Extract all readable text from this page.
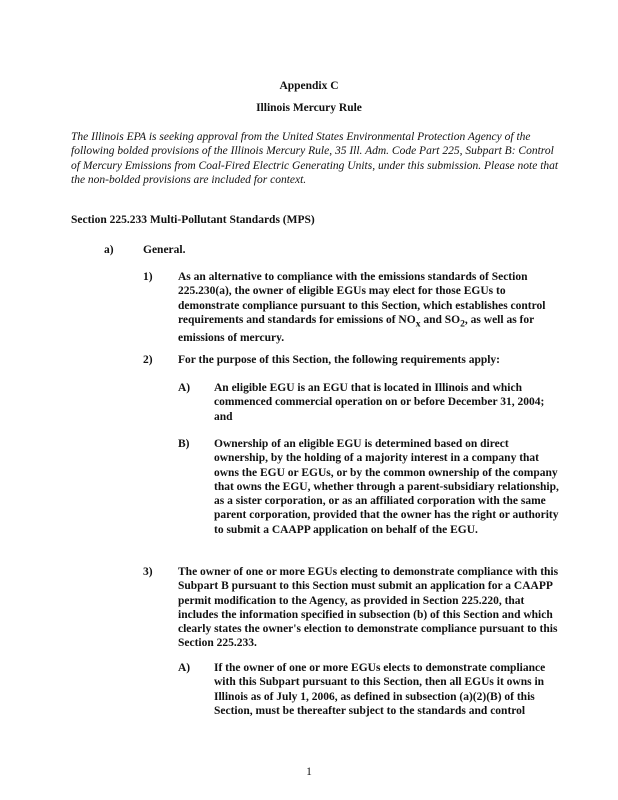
Appendix C
Illinois Mercury Rule
The Illinois EPA is seeking approval from the United States Environmental Protection Agency of the following bolded provisions of the Illinois Mercury Rule, 35 Ill. Adm. Code Part 225, Subpart B: Control of Mercury Emissions from Coal-Fired Electric Generating Units, under this submission. Please note that the non-bolded provisions are included for context.
Section 225.233 Multi-Pollutant Standards (MPS)
a)	General.
1) As an alternative to compliance with the emissions standards of Section 225.230(a), the owner of eligible EGUs may elect for those EGUs to demonstrate compliance pursuant to this Section, which establishes control requirements and standards for emissions of $NO_x$ and $SO_2$, as well as for emissions of mercury.
2) For the purpose of this Section, the following requirements apply:
A) An eligible EGU is an EGU that is located in Illinois and which commenced commercial operation on or before December 31, 2004; and
B) Ownership of an eligible EGU is determined based on direct ownership, by the holding of a majority interest in a company that owns the EGU or EGUs, or by the common ownership of the company that owns the EGU, whether through a parent-subsidiary relationship, as a sister corporation, or as an affiliated corporation with the same parent corporation, provided that the owner has the right or authority to submit a CAAPP application on behalf of the EGU.
3) The owner of one or more EGUs electing to demonstrate compliance with this Subpart B pursuant to this Section must submit an application for a CAAPP permit modification to the Agency, as provided in Section 225.220, that includes the information specified in subsection (b) of this Section and which clearly states the owner's election to demonstrate compliance pursuant to this Section 225.233.
A) If the owner of one or more EGUs elects to demonstrate compliance with this Subpart pursuant to this Section, then all EGUs it owns in Illinois as of July 1, 2006, as defined in subsection (a)(2)(B) of this Section, must be thereafter subject to the standards and control
1
